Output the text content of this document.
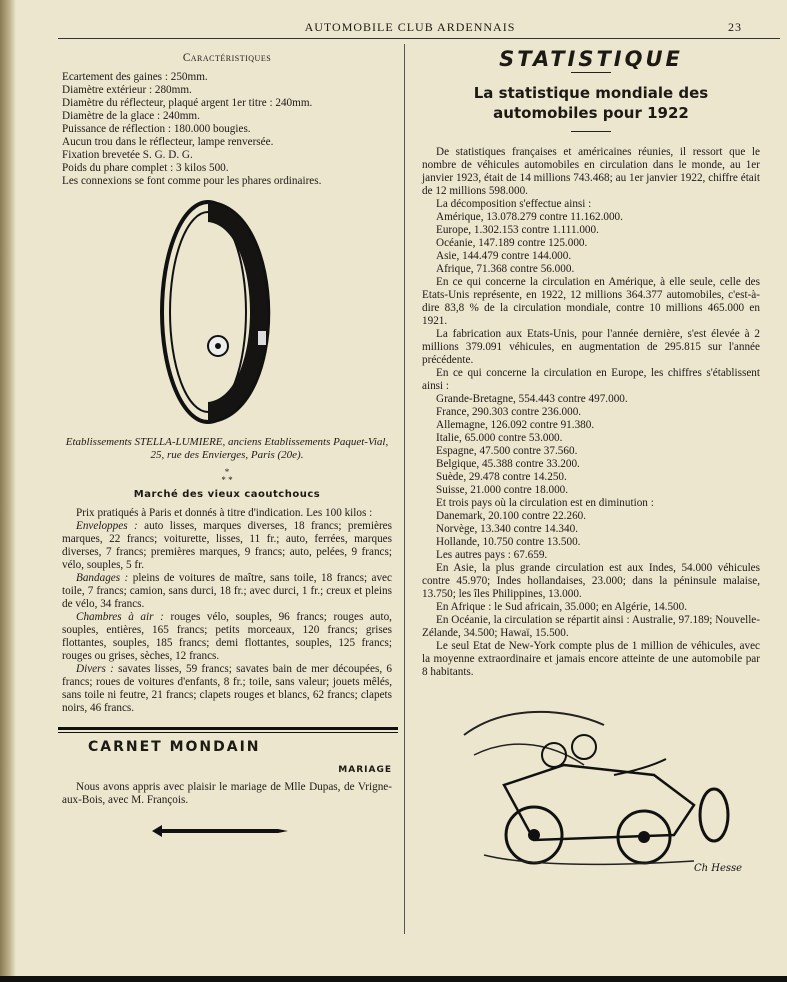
AUTOMOBILE CLUB ARDENNAIS	23
Caractéristiques
Ecartement des gaines : 250mm.
Diamètre extérieur : 280mm.
Diamètre du réflecteur, plaqué argent 1er titre : 240mm.
Diamètre de la glace : 240mm.
Puissance de réflection : 180.000 bougies.
Aucun trou dans le réflecteur, lampe renversée.
Fixation brevetée S. G. D. G.
Poids du phare complet : 3 kilos 500.

Les connexions se font comme pour les phares ordinaires.

Etablissements STELLA-LUMIERE, anciens Etablissements Paquet-Vial, 25, rue des Envierges, Paris (20e).
*
* *
Marché des vieux caoutchoucs

Prix pratiqués à Paris et donnés à titre d'indication. Les 100 kilos :

Enveloppes : auto lisses, marques diverses, 18 francs; premières marques, 22 francs; voiturette, lisses, 11 fr.; auto, ferrées, marques diverses, 7 francs; premières marques, 9 francs; auto, pelées, 9 francs; vélo, souples, 5 fr.

Bandages : pleins de voitures de maître, sans toile, 18 francs; avec toile, 7 francs; camion, sans durci, 18 fr.; avec durci, 1 fr.; creux et pleins de vélo, 34 francs.

Chambres à air : rouges vélo, souples, 96 francs; rouges auto, souples, entières, 165 francs; petits morceaux, 120 francs; grises flottantes, souples, 185 francs; demi flottantes, souples, 125 francs; rouges ou grises, sèches, 12 francs.

Divers : savates lisses, 59 francs; savates bain de mer découpées, 6 francs; roues de voitures d'enfants, 8 fr.; toile, sans valeur; jouets mêlés, sans toile ni feutre, 21 francs; clapets rouges et blancs, 62 francs; clapets noirs, 46 francs.

CARNET MONDAIN
MARIAGE

Nous avons appris avec plaisir le mariage de Mlle Dupas, de Vrigne-aux-Bois, avec M. François.

STATISTIQUE
La statistique mondiale des automobiles pour 1922

De statistiques françaises et américaines réunies, il ressort que le nombre de véhicules automobiles en circulation dans le monde, au 1er janvier 1923, était de 14 millions 743.468; au 1er janvier 1922, chiffre était de 12 millions 598.000.

La décomposition s'effectue ainsi :

Amérique, 13.078.279 contre 11.162.000.
Europe, 1.302.153 contre 1.111.000.
Océanie, 147.189 contre 125.000.
Asie, 144.479 contre 144.000.
Afrique, 71.368 contre 56.000.

En ce qui concerne la circulation en Amérique, à elle seule, celle des Etats-Unis représente, en 1922, 12 millions 364.377 automobiles, c'est-à-dire 83,8 % de la circulation mondiale, contre 10 millions 465.000 en 1921.

La fabrication aux Etats-Unis, pour l'année dernière, s'est élevée à 2 millions 379.091 véhicules, en augmentation de 295.815 sur l'année précédente.

En ce qui concerne la circulation en Europe, les chiffres s'établissent ainsi :

Grande-Bretagne, 554.443 contre 497.000.
France, 290.303 contre 236.000.
Allemagne, 126.092 contre 91.380.
Italie, 65.000 contre 53.000.
Espagne, 47.500 contre 37.560.
Belgique, 45.388 contre 33.200.
Suède, 29.478 contre 14.250.
Suisse, 21.000 contre 18.000.

Et trois pays où la circulation est en diminution :

Danemark, 20.100 contre 22.260.
Norvège, 13.340 contre 14.340.
Hollande, 10.750 contre 13.500.
Les autres pays : 67.659.

En Asie, la plus grande circulation est aux Indes, 54.000 véhicules contre 45.970; Indes hollandaises, 23.000; dans la péninsule malaise, 13.750; les îles Philippines, 13.000.

En Afrique : le Sud africain, 35.000; en Algérie, 14.500.

En Océanie, la circulation se répartit ainsi : Australie, 97.189; Nouvelle-Zélande, 34.500; Hawaï, 15.500.

Le seul Etat de New-York compte plus de 1 million de véhicules, avec la moyenne extraordinaire et jamais encore atteinte de une automobile par 8 habitants.

Ch Hesse
